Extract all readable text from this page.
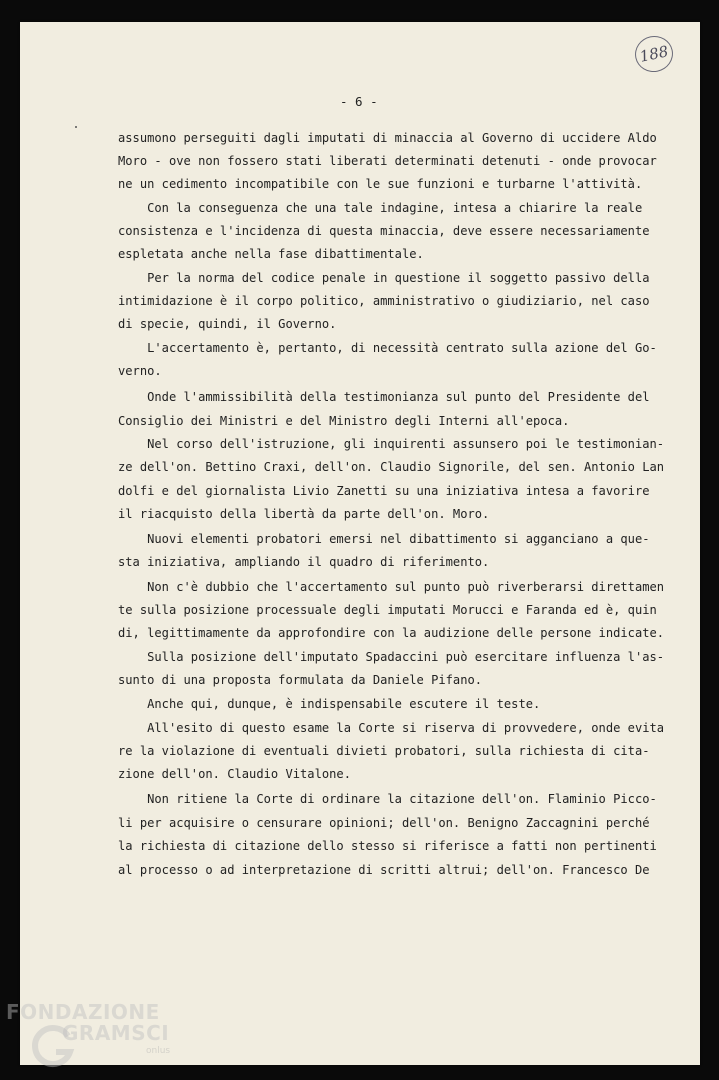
188
- 6 -
assumono perseguiti dagli imputati di minaccia al Governo di uccidere Aldo
Moro - ove non fossero stati liberati determinati detenuti - onde provocar
ne un cedimento incompatibile con le sue funzioni e turbarne l'attività.
Con la conseguenza che una tale indagine, intesa a chiarire la reale
consistenza e l'incidenza di questa minaccia, deve essere necessariamente
espletata anche nella fase dibattimentale.
Per la norma del codice penale in questione il soggetto passivo della
intimidazione è il corpo politico, amministrativo o giudiziario, nel caso
di specie, quindi, il Governo.
L'accertamento è, pertanto, di necessità centrato sulla azione del Go-
verno.
Onde l'ammissibilità della testimonianza sul punto del Presidente del
Consiglio dei Ministri e del Ministro degli Interni all'epoca.
Nel corso dell'istruzione, gli inquirenti assunsero poi le testimonian-
ze dell'on. Bettino Craxi, dell'on. Claudio Signorile, del sen. Antonio Lan
dolfi e del giornalista Livio Zanetti su una iniziativa intesa a favorire
il riacquisto della libertà da parte dell'on. Moro.
Nuovi elementi probatori emersi nel dibattimento si agganciano a que-
sta iniziativa, ampliando il quadro di riferimento.
Non c'è dubbio che l'accertamento sul punto può riverberarsi direttamen
te sulla posizione processuale degli imputati Morucci e Faranda ed è, quin
di, legittimamente da approfondire con la audizione delle persone indicate.
Sulla posizione dell'imputato Spadaccini può esercitare influenza l'as-
sunto di una proposta formulata da Daniele Pifano.
Anche qui, dunque, è indispensabile escutere il teste.
All'esito di questo esame la Corte si riserva di provvedere, onde evita
re la violazione di eventuali divieti probatori, sulla richiesta di cita-
zione dell'on. Claudio Vitalone.
Non ritiene la Corte di ordinare la citazione dell'on. Flaminio Picco-
li per acquisire o censurare opinioni; dell'on. Benigno Zaccagnini perché
la richiesta di citazione dello stesso si riferisce a fatti non pertinenti
al processo o ad interpretazione di scritti altrui; dell'on. Francesco De
FONDAZIONE
GRAMSCI
onlus
